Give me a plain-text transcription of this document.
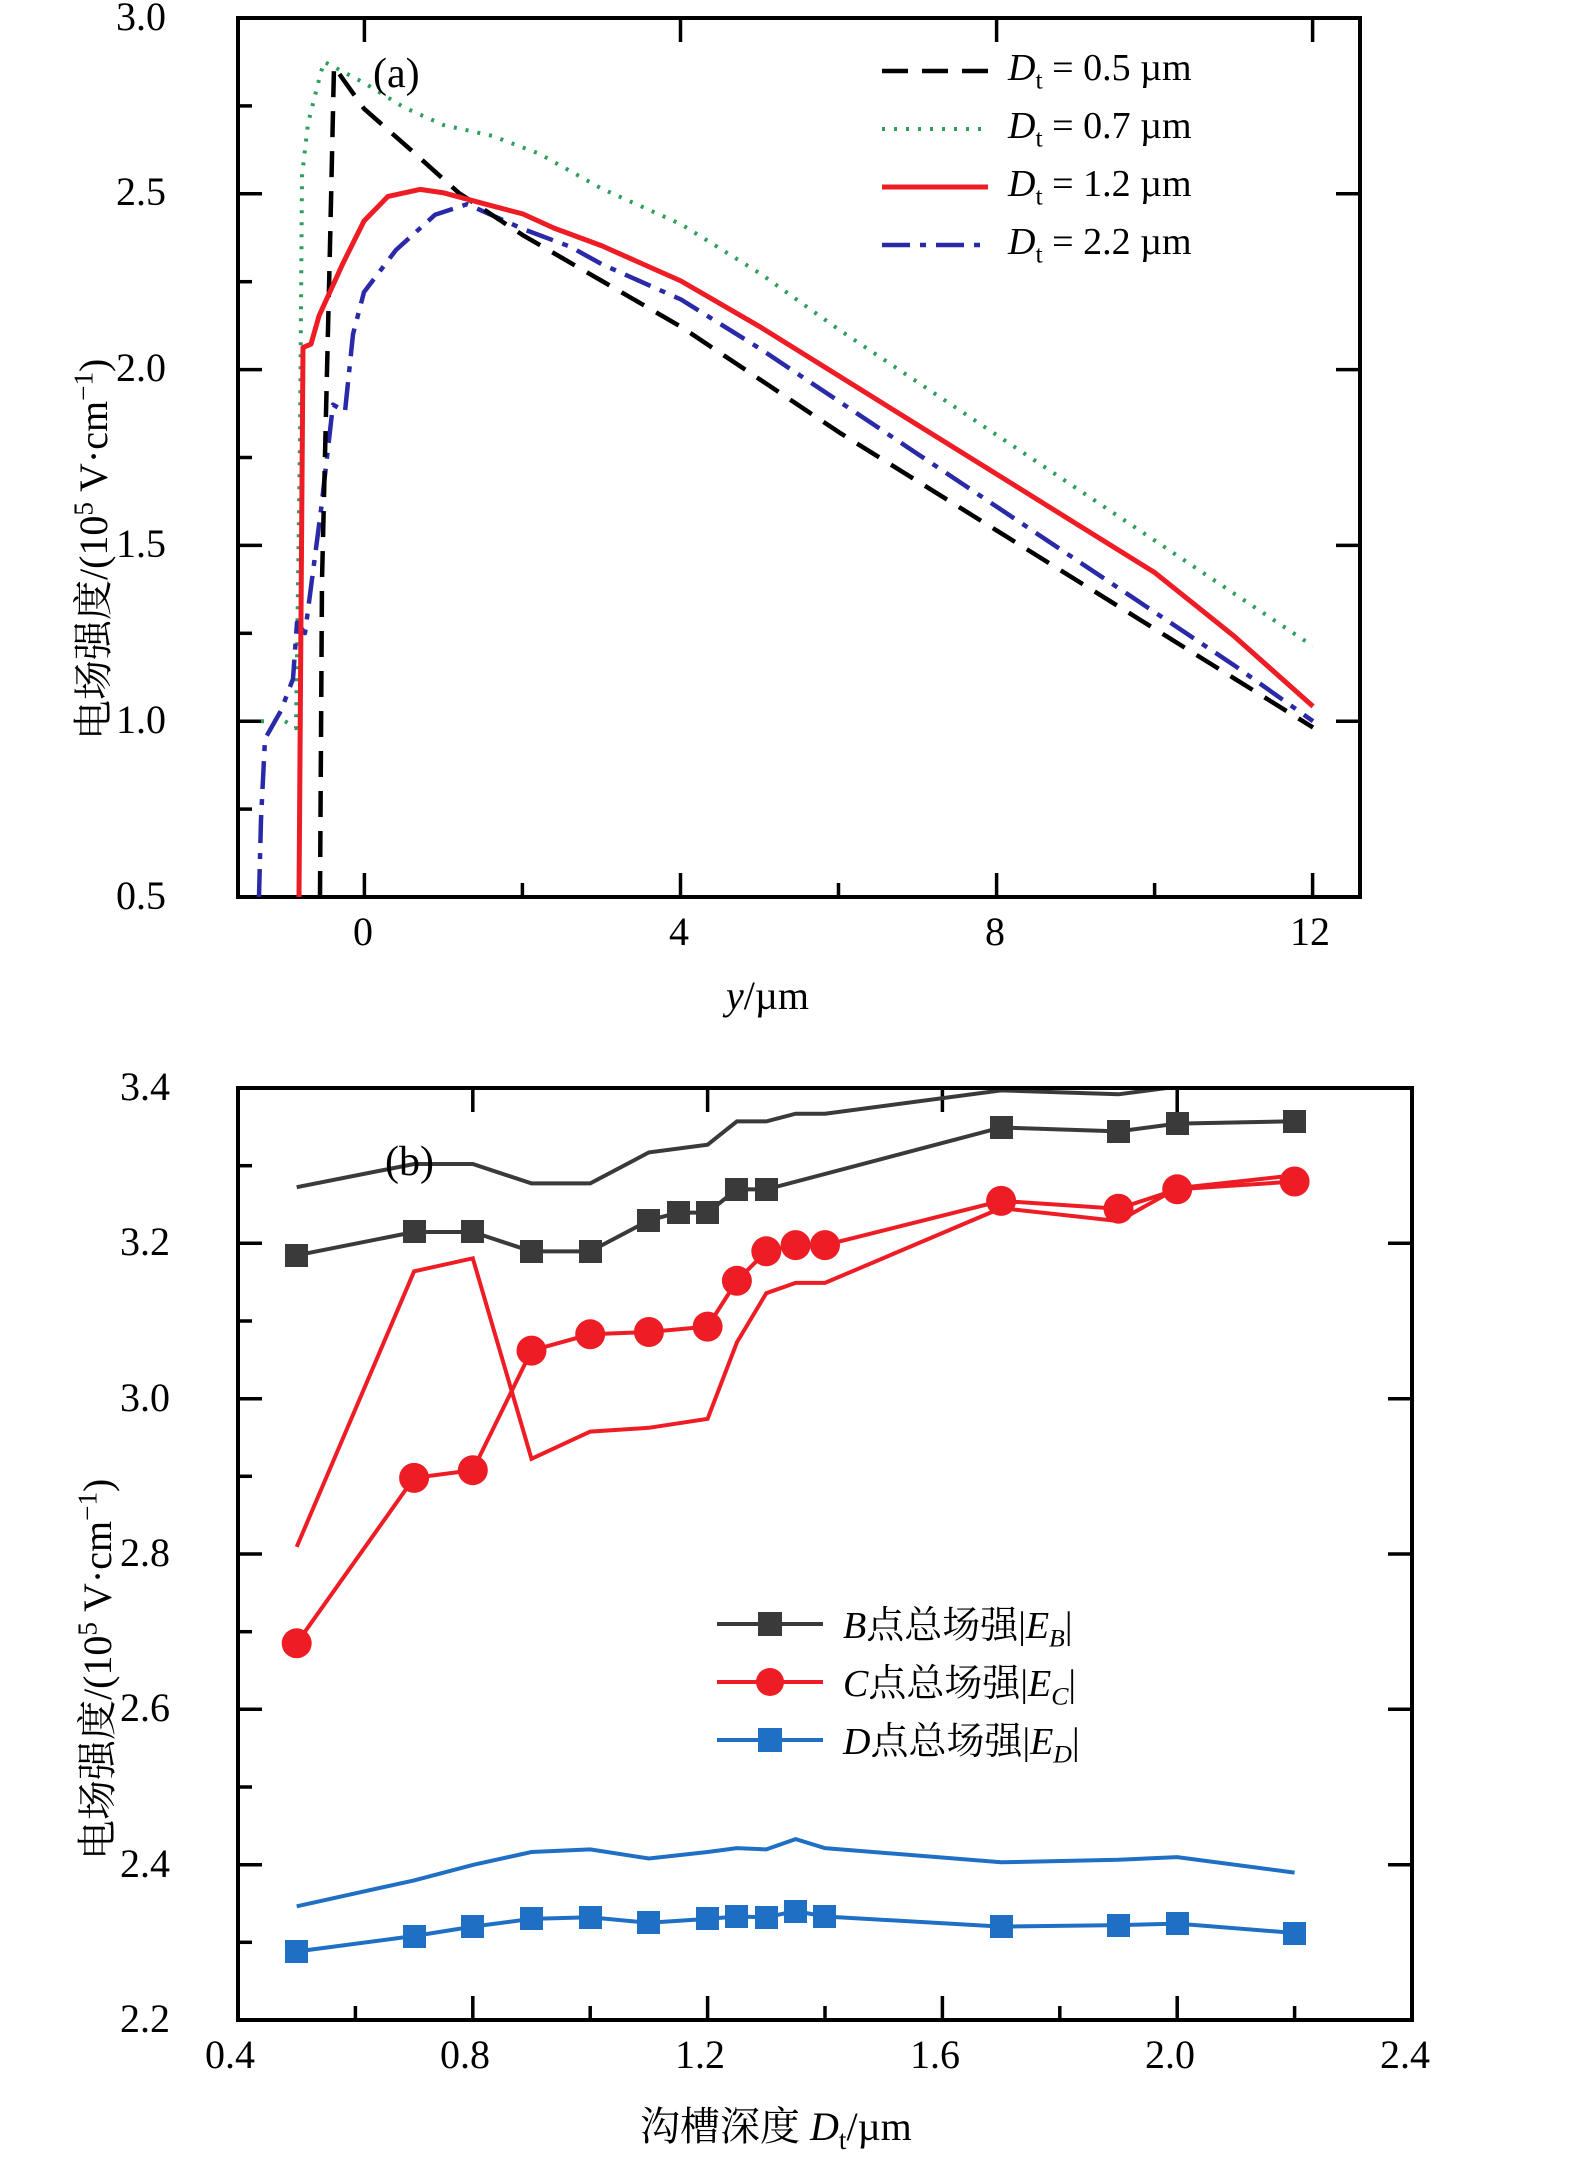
0.5
1.0
1.5
2.0
2.5
3.0
0	4	8	12
y/µm
电场强度$/(10^5$ $V\cdot cm^{-1}$)
(a)	$D_t = 0.5$ µm
$D_t = 0.7$ µm
$D_t = 1.2$ µm
$D_t = 2.2$ µm
2.2
2.4
2.6
2.8
3.0
3.2
3.4
0.4	0.8	1.2	1.6	2.0	2.4
沟槽深度 $D_t/\mu m$
电场强度$/(10^5$ $V\cdot cm^{-1}$)
(b)
B点总场强$|E_B|$
C点总场强$|E_C|$
D点总场强$|E_D|$
